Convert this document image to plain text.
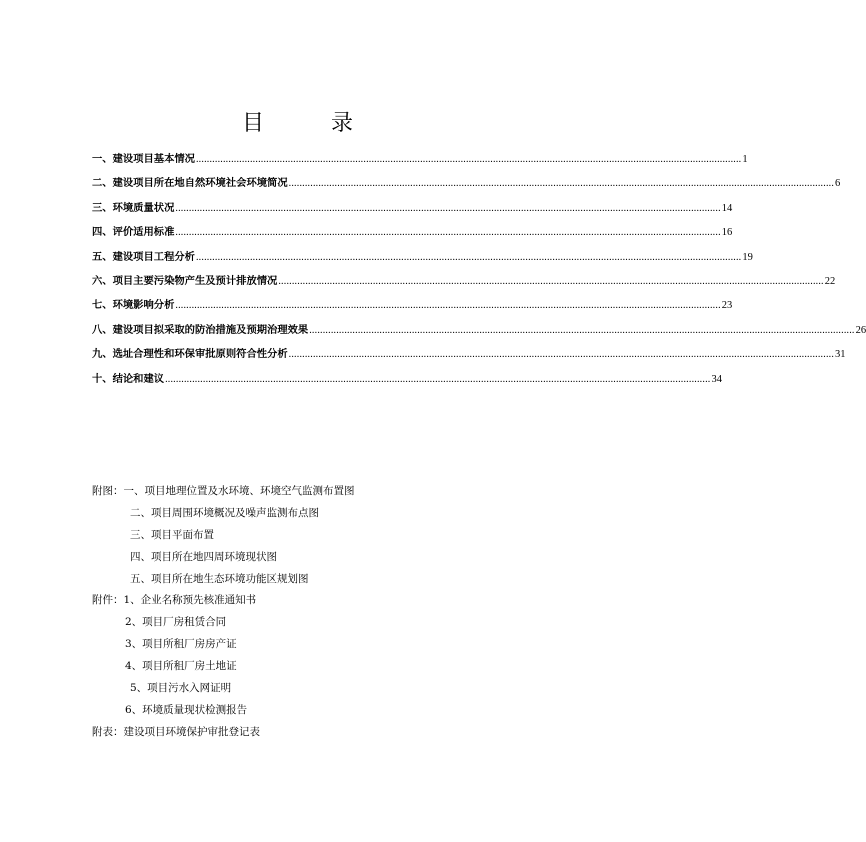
目 录
一、建设项目基本情况 .......................................................................................................................................................................................................... 1
二、建设项目所在地自然环境社会环境简况 .......................................................................................................................................................................................................... 6
三、环境质量状况 .......................................................................................................................................................................................................... 14
四、评价适用标准 .......................................................................................................................................................................................................... 16
五、建设项目工程分析 .......................................................................................................................................................................................................... 19
六、项目主要污染物产生及预计排放情况 .......................................................................................................................................................................................................... 22
七、环境影响分析 .......................................................................................................................................................................................................... 23
八、建设项目拟采取的防治措施及预期治理效果 .......................................................................................................................................................................................................... 26
九、选址合理性和环保审批原则符合性分析 .......................................................................................................................................................................................................... 31
十、结论和建议 .......................................................................................................................................................................................................... 34
附图：一、项目地理位置及水环境、环境空气监测布置图
二、项目周围环境概况及噪声监测布点图
三、项目平面布置
四、项目所在地四周环境现状图
五、项目所在地生态环境功能区规划图
附件：1、企业名称预先核准通知书
2、项目厂房租赁合同
3、项目所租厂房房产证
4、项目所租厂房土地证
5、项目污水入网证明
6、环境质量现状检测报告
附表：建设项目环境保护审批登记表
